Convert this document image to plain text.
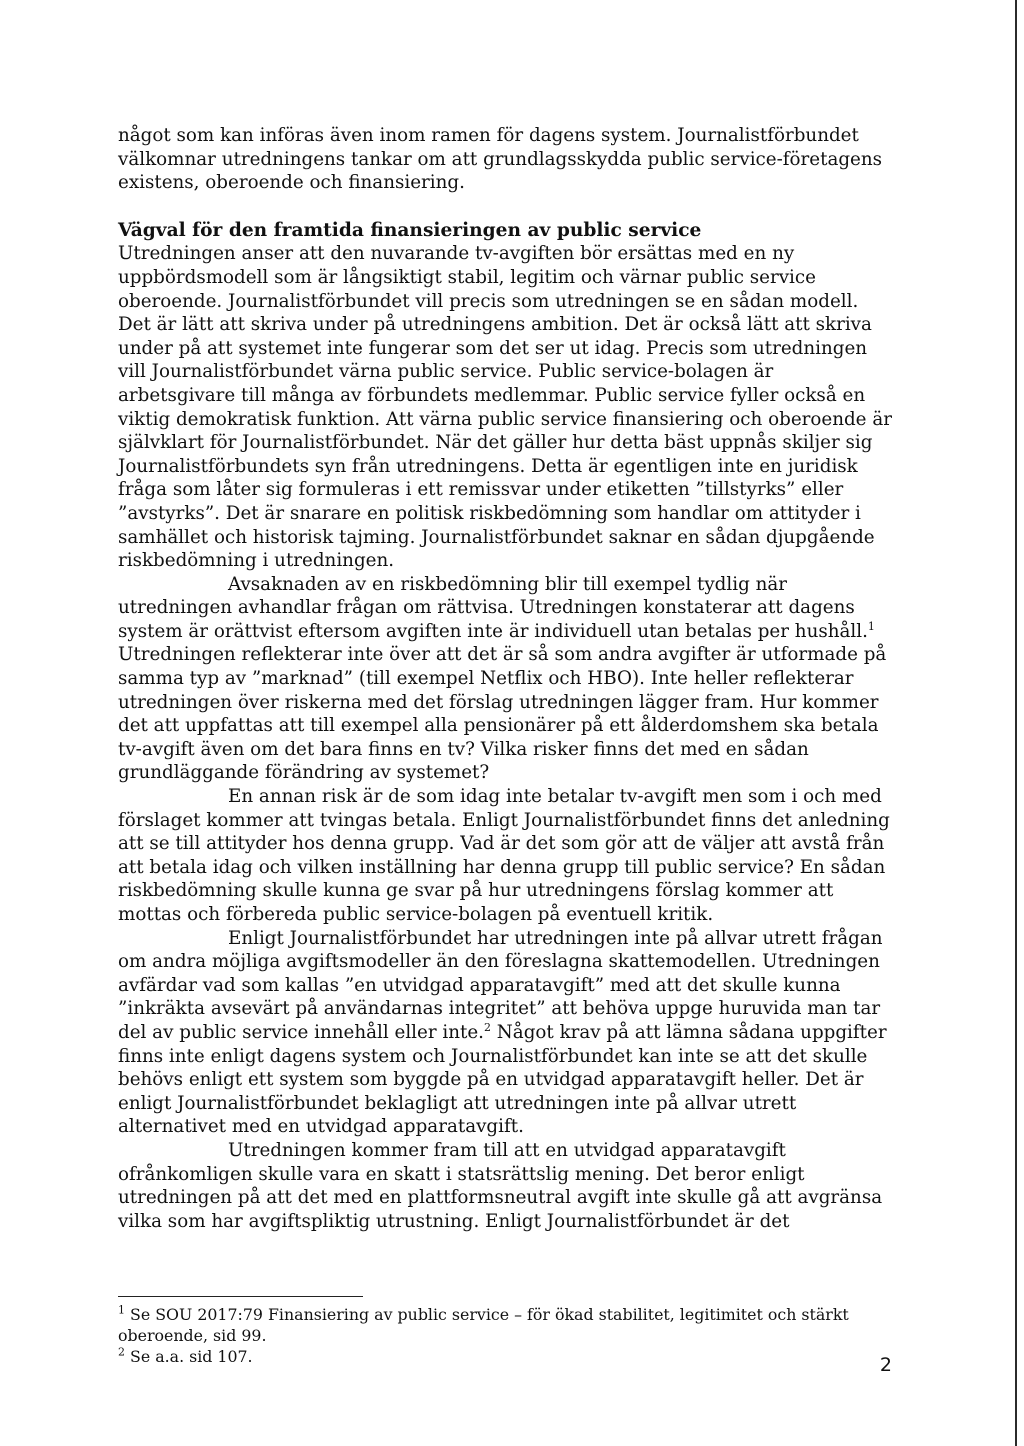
något som kan införas även inom ramen för dagens system. Journalistförbundet välkomnar utredningens tankar om att grundlagsskydda public service-företagens existens, oberoende och finansiering.

Vägval för den framtida finansieringen av public service

Utredningen anser att den nuvarande tv-avgiften bör ersättas med en ny uppbördsmodell som är långsiktigt stabil, legitim och värnar public service oberoende. Journalistförbundet vill precis som utredningen se en sådan modell. Det är lätt att skriva under på utredningens ambition. Det är också lätt att skriva under på att systemet inte fungerar som det ser ut idag. Precis som utredningen vill Journalistförbundet värna public service. Public service-bolagen är arbetsgivare till många av förbundets medlemmar. Public service fyller också en viktig demokratisk funktion. Att värna public service finansiering och oberoende är självklart för Journalistförbundet. När det gäller hur detta bäst uppnås skiljer sig Journalistförbundets syn från utredningens. Detta är egentligen inte en juridisk fråga som låter sig formuleras i ett remissvar under etiketten ”tillstyrks” eller ”avstyrks”. Det är snarare en politisk riskbedömning som handlar om attityder i samhället och historisk tajming. Journalistförbundet saknar en sådan djupgående riskbedömning i utredningen.

Avsaknaden av en riskbedömning blir till exempel tydlig när utredningen avhandlar frågan om rättvisa. Utredningen konstaterar att dagens system är orättvist eftersom avgiften inte är individuell utan betalas per hushåll.$^1$ Utredningen reflekterar inte över att det är så som andra avgifter är utformade på samma typ av ”marknad” (till exempel Netflix och HBO). Inte heller reflekterar utredningen över riskerna med det förslag utredningen lägger fram. Hur kommer det att uppfattas att till exempel alla pensionärer på ett ålderdomshem ska betala tv-avgift även om det bara finns en tv? Vilka risker finns det med en sådan grundläggande förändring av systemet?

En annan risk är de som idag inte betalar tv-avgift men som i och med förslaget kommer att tvingas betala. Enligt Journalistförbundet finns det anledning att se till attityder hos denna grupp. Vad är det som gör att de väljer att avstå från att betala idag och vilken inställning har denna grupp till public service? En sådan riskbedömning skulle kunna ge svar på hur utredningens förslag kommer att mottas och förbereda public service-bolagen på eventuell kritik.

Enligt Journalistförbundet har utredningen inte på allvar utrett frågan om andra möjliga avgiftsmodeller än den föreslagna skattemodellen. Utredningen avfärdar vad som kallas ”en utvidgad apparatavgift” med att det skulle kunna ”inkräkta avsevärt på användarnas integritet” att behöva uppge huruvida man tar del av public service innehåll eller inte.$^2$ Något krav på att lämna sådana uppgifter finns inte enligt dagens system och Journalistförbundet kan inte se att det skulle behövs enligt ett system som byggde på en utvidgad apparatavgift heller. Det är enligt Journalistförbundet beklagligt att utredningen inte på allvar utrett alternativet med en utvidgad apparatavgift.

Utredningen kommer fram till att en utvidgad apparatavgift ofrånkomligen skulle vara en skatt i statsrättslig mening. Det beror enligt utredningen på att det med en plattformsneutral avgift inte skulle gå att avgränsa vilka som har avgiftspliktig utrustning. Enligt Journalistförbundet är det

$^1$ Se SOU 2017:79 Finansiering av public service – för ökad stabilitet, legitimitet och stärkt oberoende, sid 99.

$^2$ Se a.a. sid 107.	2
